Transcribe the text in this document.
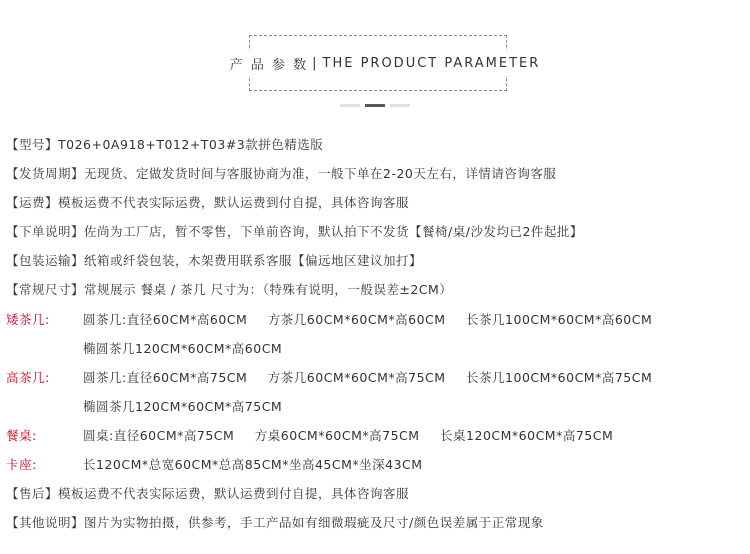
产 品 参 数 | THE PRODUCT PARAMETER
【型号】T026+0A918+T012+T03#3款拼色精选版
【发货周期】无现货、定做发货时间与客服协商为准，一般下单在2-20天左右，详情请咨询客服
【运费】模板运费不代表实际运费，默认运费到付自提，具体咨询客服
【下单说明】佐尚为工厂店，暂不零售，下单前咨询，默认拍下不发货【餐椅/桌/沙发均已2件起批】
【包装运输】纸箱或纤袋包装，木架费用联系客服【偏远地区建议加打】
【常规尺寸】常规展示 餐桌 / 茶几 尺寸为：（特殊有说明，一般误差±2CM）
矮茶几:	圆茶几:直径60CM*高60CM 方茶几60CM*60CM*高60CM 长茶几100CM*60CM*高60CM
椭圆茶几120CM*60CM*高60CM
高茶几:	圆茶几:直径60CM*高75CM 方茶几60CM*60CM*高75CM 长茶几100CM*60CM*高75CM
椭圆茶几120CM*60CM*高75CM
餐桌:	圆桌:直径60CM*高75CM 方桌60CM*60CM*高75CM 长桌120CM*60CM*高75CM
卡座:	长120CM*总宽60CM*总高85CM*坐高45CM*坐深43CM
【售后】模板运费不代表实际运费，默认运费到付自提，具体咨询客服
【其他说明】图片为实物拍摄，供参考，手工产品如有细微瑕疵及尺寸/颜色误差属于正常现象
